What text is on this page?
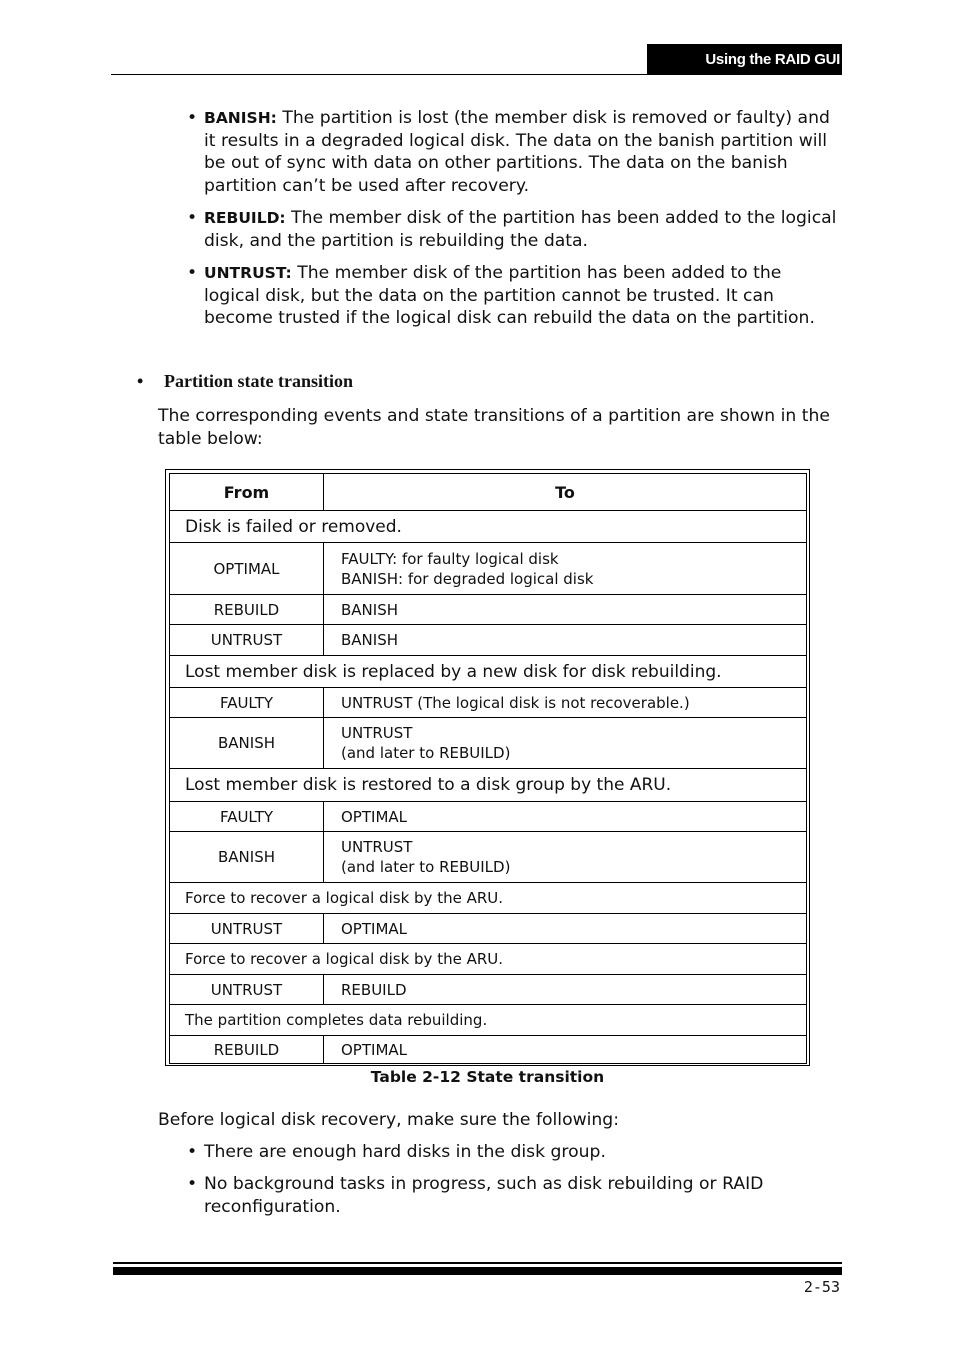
Using the RAID GUI
• BANISH: The partition is lost (the member disk is removed or faulty) and it results in a degraded logical disk. The data on the banish partition will be out of sync with data on other partitions. The data on the banish partition can’t be used after recovery.
• REBUILD: The member disk of the partition has been added to the logical disk, and the partition is rebuilding the data.
• UNTRUST: The member disk of the partition has been added to the logical disk, but the data on the partition cannot be trusted. It can become trusted if the logical disk can rebuild the data on the partition.
• Partition state transition
The corresponding events and state transitions of a partition are shown in the table below:
From	To
Disk is failed or removed.	
OPTIMAL	FAULTY: for faulty logical disk
BANISH: for degraded logical disk

REBUILD	BANISH

UNTRUST	BANISH

Lost member disk is replaced by a new disk for disk rebuilding.	
FAULTY	UNTRUST (The logical disk is not recoverable.)

BANISH	UNTRUST
(and later to REBUILD)

Lost member disk is restored to a disk group by the ARU.	
FAULTY	OPTIMAL

BANISH	UNTRUST
(and later to REBUILD)

Force to recover a logical disk by the ARU.	
UNTRUST	OPTIMAL

Force to recover a logical disk by the ARU.	
UNTRUST	REBUILD

The partition completes data rebuilding.	
REBUILD	OPTIMAL
Table 2-12 State transition
Before logical disk recovery, make sure the following:
• There are enough hard disks in the disk group.
• No background tasks in progress, such as disk rebuilding or RAID reconfiguration.
2-53
